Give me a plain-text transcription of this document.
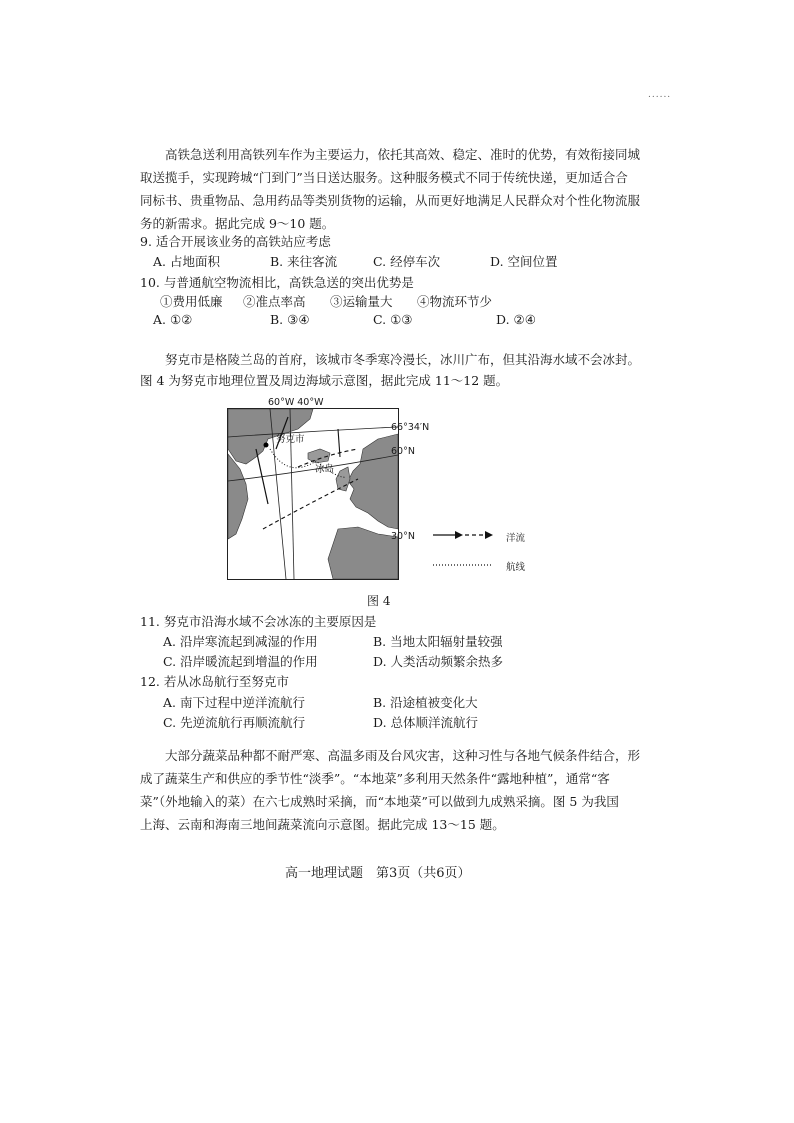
......
高铁急送利用高铁列车作为主要运力，依托其高效、稳定、准时的优势，有效衔接同城
取送揽手，实现跨城“门到门”当日送达服务。这种服务模式不同于传统快递，更加适合合
同标书、贵重物品、急用药品等类别货物的运输，从而更好地满足人民群众对个性化物流服
务的新需求。据此完成 9～10 题。
9. 适合开展该业务的高铁站应考虑
A. 占地面积	B. 来往客流	C. 经停车次	D. 空间位置
10. 与普通航空物流相比，高铁急送的突出优势是
①费用低廉 ②准点率高 ③运输量大 ④物流环节少
A. ①②	B. ③④	C. ①③	D. ②④
努克市是格陵兰岛的首府，该城市冬季寒冷漫长，冰川广布，但其沿海水域不会冰封。
图 4 为努克市地理位置及周边海域示意图，据此完成 11～12 题。
60°W 40°W
努克市
冰岛
66°34′N
60°N
30°N	洋流
航线
图 4
11. 努克市沿海水域不会冰冻的主要原因是
A. 沿岸寒流起到减湿的作用	B. 当地太阳辐射量较强
C. 沿岸暖流起到增温的作用	D. 人类活动频繁余热多
12. 若从冰岛航行至努克市
A. 南下过程中逆洋流航行	B. 沿途植被变化大
C. 先逆流航行再顺流航行	D. 总体顺洋流航行
大部分蔬菜品种都不耐严寒、高温多雨及台风灾害，这种习性与各地气候条件结合，形
成了蔬菜生产和供应的季节性“淡季”。“本地菜”多利用天然条件“露地种植”，通常“客
菜”（外地输入的菜）在六七成熟时采摘，而“本地菜”可以做到九成熟采摘。图 5 为我国
上海、云南和海南三地间蔬菜流向示意图。据此完成 13～15 题。
高一地理试题　第3页（共6页）
